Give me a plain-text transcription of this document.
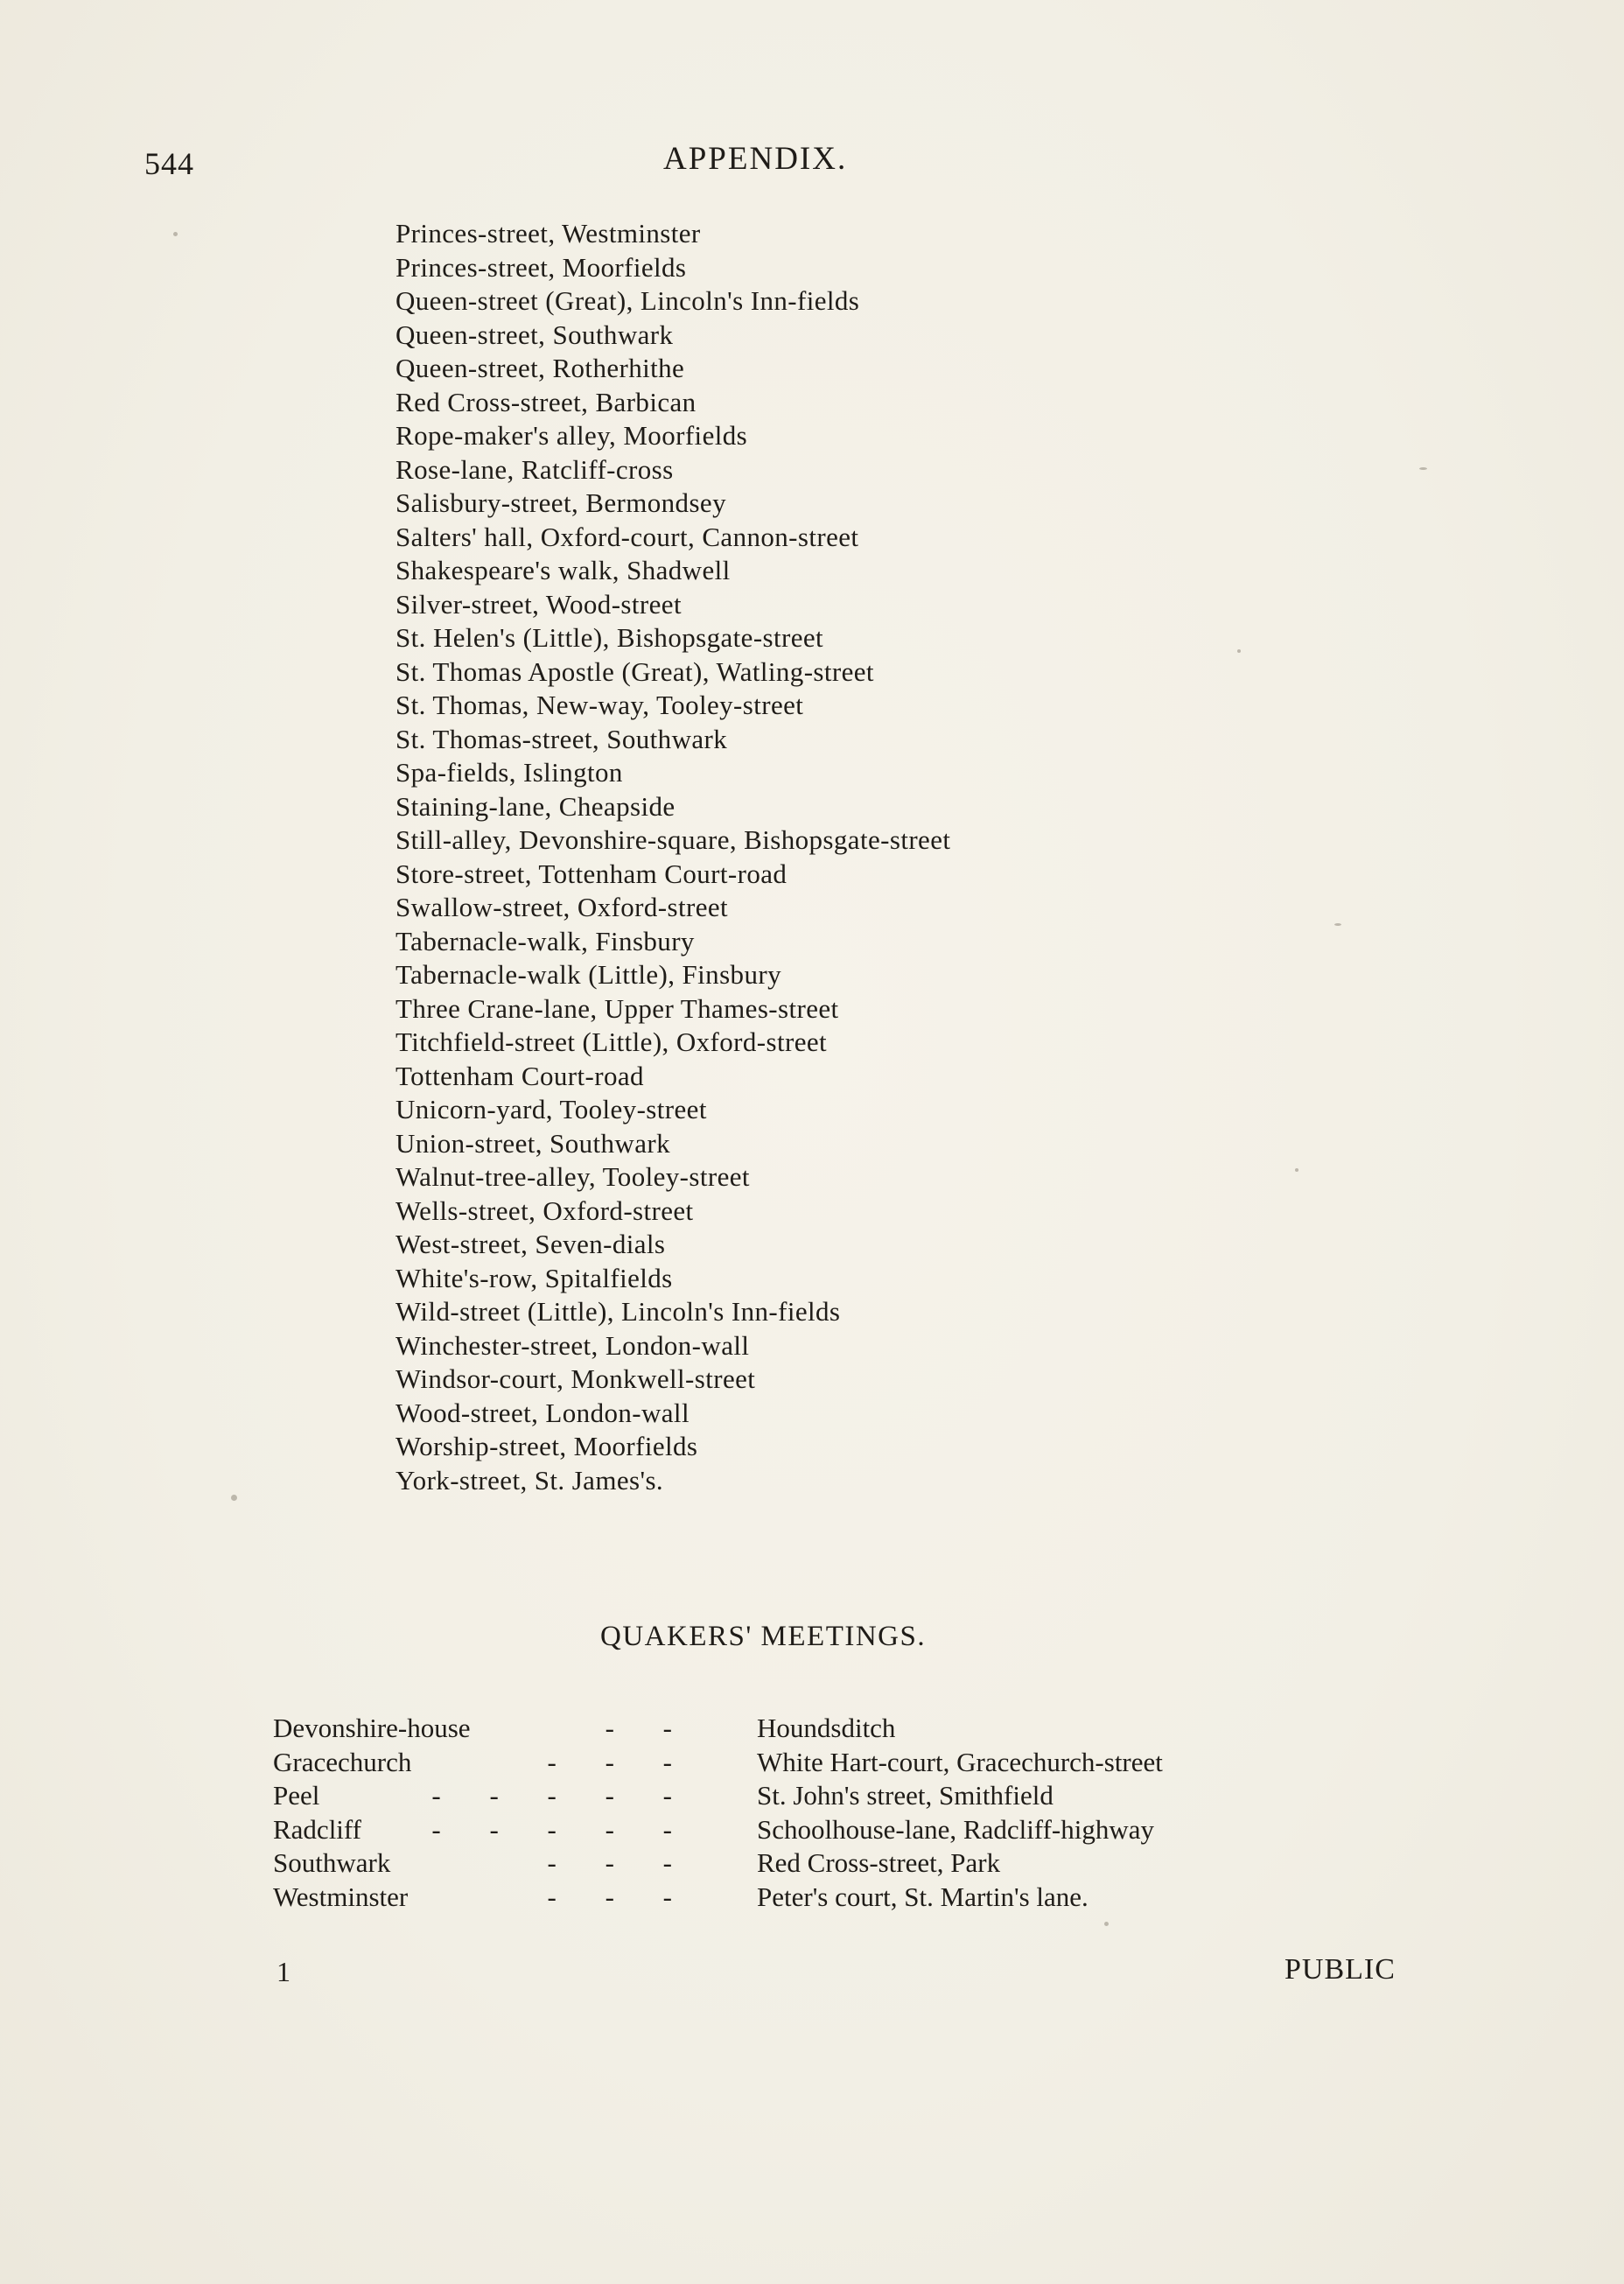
544	APPENDIX.
Princes-street, Westminster
Princes-street, Moorfields
Queen-street (Great), Lincoln's Inn-fields
Queen-street, Southwark
Queen-street, Rotherhithe
Red Cross-street, Barbican
Rope-maker's alley, Moorfields
Rose-lane, Ratcliff-cross
Salisbury-street, Bermondsey
Salters' hall, Oxford-court, Cannon-street
Shakespeare's walk, Shadwell
Silver-street, Wood-street
St. Helen's (Little), Bishopsgate-street
St. Thomas Apostle (Great), Watling-street
St. Thomas, New-way, Tooley-street
St. Thomas-street, Southwark
Spa-fields, Islington
Staining-lane, Cheapside
Still-alley, Devonshire-square, Bishopsgate-street
Store-street, Tottenham Court-road
Swallow-street, Oxford-street
Tabernacle-walk, Finsbury
Tabernacle-walk (Little), Finsbury
Three Crane-lane, Upper Thames-street
Titchfield-street (Little), Oxford-street
Tottenham Court-road
Unicorn-yard, Tooley-street
Union-street, Southwark
Walnut-tree-alley, Tooley-street
Wells-street, Oxford-street
West-street, Seven-dials
White's-row, Spitalfields
Wild-street (Little), Lincoln's Inn-fields
Winchester-street, London-wall
Windsor-court, Monkwell-street
Wood-street, London-wall
Worship-street, Moorfields
York-street, St. James's.
QUAKERS' MEETINGS.
Devonshire-house	- - Houndsditch
Gracechurch	- - - White Hart-court, Gracechurch-street
Peel	- - - - - St. John's street, Smithfield
Radcliff	- - - - - Schoolhouse-lane, Radcliff-highway
Southwark	- - - Red Cross-street, Park
Westminster	- - - Peter's court, St. Martin's lane.
1	PUBLIC
